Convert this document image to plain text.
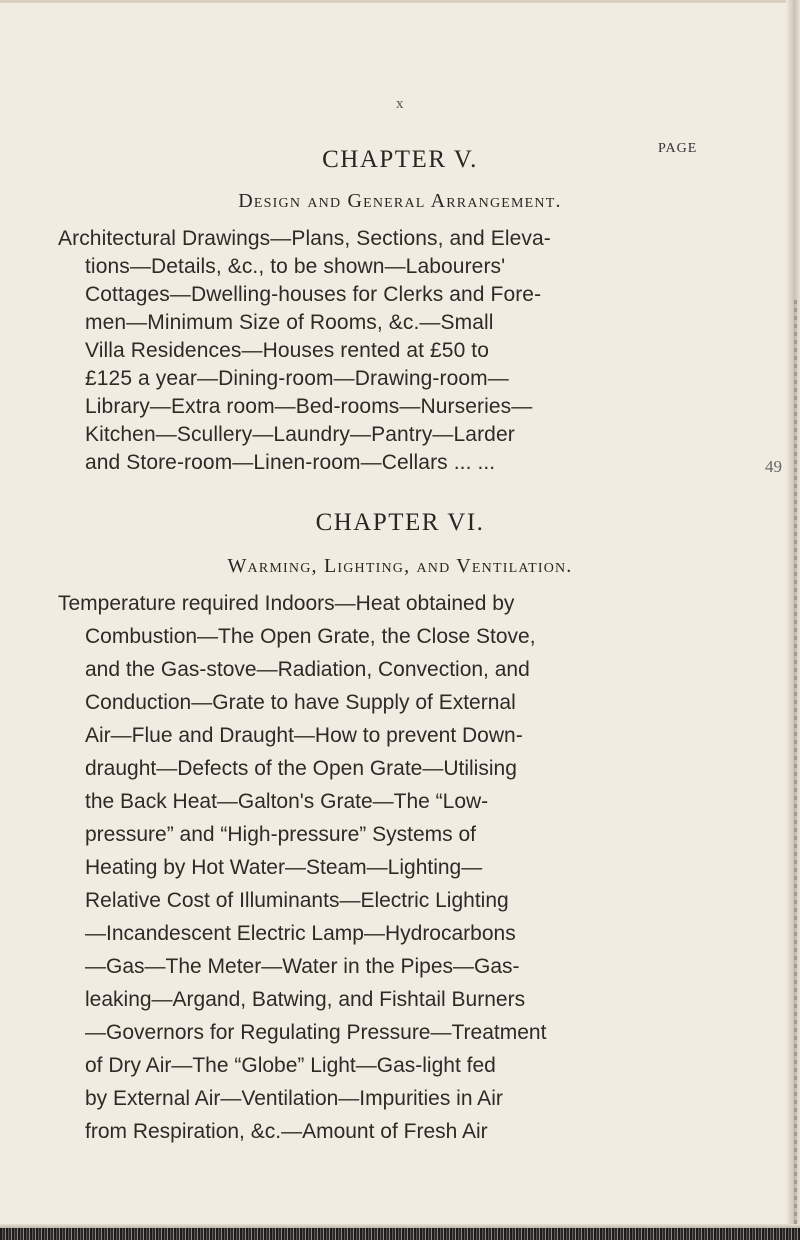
x
PAGE
CHAPTER V.
Design and General Arrangement.
Architectural Drawings—Plans, Sections, and Eleva-
tions—Details, &c., to be shown—Labourers'
Cottages—Dwelling-houses for Clerks and Fore-
men—Minimum Size of Rooms, &c.—Small
Villa Residences—Houses rented at £50 to
£125 a year—Dining-room—Drawing-room—
Library—Extra room—Bed-rooms—Nurseries—
Kitchen—Scullery—Laundry—Pantry—Larder
and Store-room—Linen-room—Cellars ... ...	49
CHAPTER VI.
Warming, Lighting, and Ventilation.
Temperature required Indoors—Heat obtained by
Combustion—The Open Grate, the Close Stove,
and the Gas-stove—Radiation, Convection, and
Conduction—Grate to have Supply of External
Air—Flue and Draught—How to prevent Down-
draught—Defects of the Open Grate—Utilising
the Back Heat—Galton's Grate—The “Low-
pressure” and “High-pressure” Systems of
Heating by Hot Water—Steam—Lighting—
Relative Cost of Illuminants—Electric Lighting
—Incandescent Electric Lamp—Hydrocarbons
—Gas—The Meter—Water in the Pipes—Gas-
leaking—Argand, Batwing, and Fishtail Burners
—Governors for Regulating Pressure—Treatment
of Dry Air—The “Globe” Light—Gas-light fed
by External Air—Ventilation—Impurities in Air
from Respiration, &c.—Amount of Fresh Air
